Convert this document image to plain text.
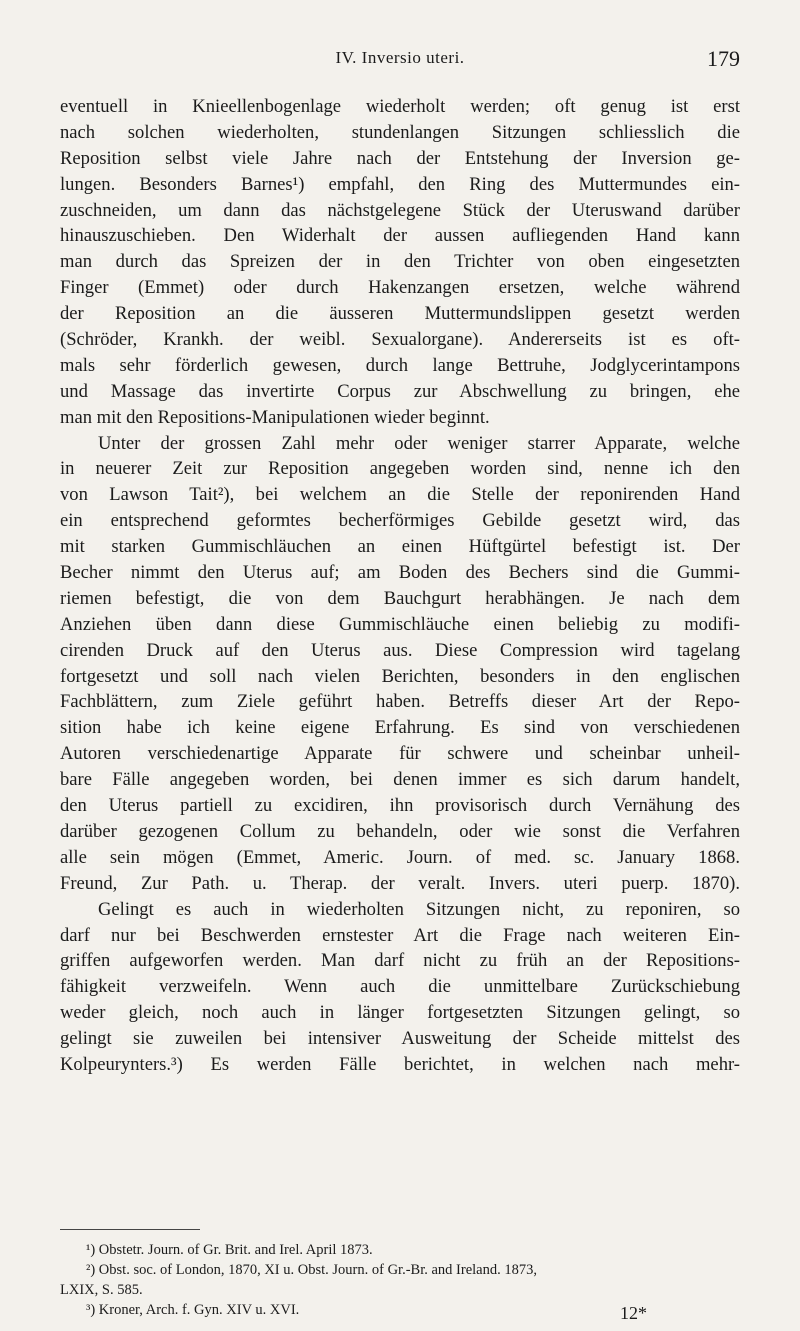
IV. Inversio uteri.	179
eventuell in Knieellenbogenlage wiederholt werden; oft genug ist erst
nach solchen wiederholten, stundenlangen Sitzungen schliesslich die
Reposition selbst viele Jahre nach der Entstehung der Inversion ge-
lungen. Besonders Barnes¹) empfahl, den Ring des Muttermundes ein-
zuschneiden, um dann das nächstgelegene Stück der Uteruswand darüber
hinauszuschieben. Den Widerhalt der aussen aufliegenden Hand kann
man durch das Spreizen der in den Trichter von oben eingesetzten
Finger (Emmet) oder durch Hakenzangen ersetzen, welche während
der Reposition an die äusseren Muttermundslippen gesetzt werden
(Schröder, Krankh. der weibl. Sexualorgane). Andererseits ist es oft-
mals sehr förderlich gewesen, durch lange Bettruhe, Jodglycerintampons
und Massage das invertirte Corpus zur Abschwellung zu bringen, ehe
man mit den Repositions-Manipulationen wieder beginnt.
Unter der grossen Zahl mehr oder weniger starrer Apparate, welche
in neuerer Zeit zur Reposition angegeben worden sind, nenne ich den
von Lawson Tait²), bei welchem an die Stelle der reponirenden Hand
ein entsprechend geformtes becherförmiges Gebilde gesetzt wird, das
mit starken Gummischläuchen an einen Hüftgürtel befestigt ist. Der
Becher nimmt den Uterus auf; am Boden des Bechers sind die Gummi-
riemen befestigt, die von dem Bauchgurt herabhängen. Je nach dem
Anziehen üben dann diese Gummischläuche einen beliebig zu modifi-
cirenden Druck auf den Uterus aus. Diese Compression wird tagelang
fortgesetzt und soll nach vielen Berichten, besonders in den englischen
Fachblättern, zum Ziele geführt haben. Betreffs dieser Art der Repo-
sition habe ich keine eigene Erfahrung. Es sind von verschiedenen
Autoren verschiedenartige Apparate für schwere und scheinbar unheil-
bare Fälle angegeben worden, bei denen immer es sich darum handelt,
den Uterus partiell zu excidiren, ihn provisorisch durch Vernähung des
darüber gezogenen Collum zu behandeln, oder wie sonst die Verfahren
alle sein mögen (Emmet, Americ. Journ. of med. sc. January 1868.
Freund, Zur Path. u. Therap. der veralt. Invers. uteri puerp. 1870).
Gelingt es auch in wiederholten Sitzungen nicht, zu reponiren, so
darf nur bei Beschwerden ernstester Art die Frage nach weiteren Ein-
griffen aufgeworfen werden. Man darf nicht zu früh an der Repositions-
fähigkeit verzweifeln. Wenn auch die unmittelbare Zurückschiebung
weder gleich, noch auch in länger fortgesetzten Sitzungen gelingt, so
gelingt sie zuweilen bei intensiver Ausweitung der Scheide mittelst des
Kolpeurynters.³) Es werden Fälle berichtet, in welchen nach mehr-
¹) Obstetr. Journ. of Gr. Brit. and Irel. April 1873.
²) Obst. soc. of London, 1870, XI u. Obst. Journ. of Gr.-Br. and Ireland. 1873,
LXIX, S. 585.
³) Kroner, Arch. f. Gyn. XIV u. XVI.	12*
